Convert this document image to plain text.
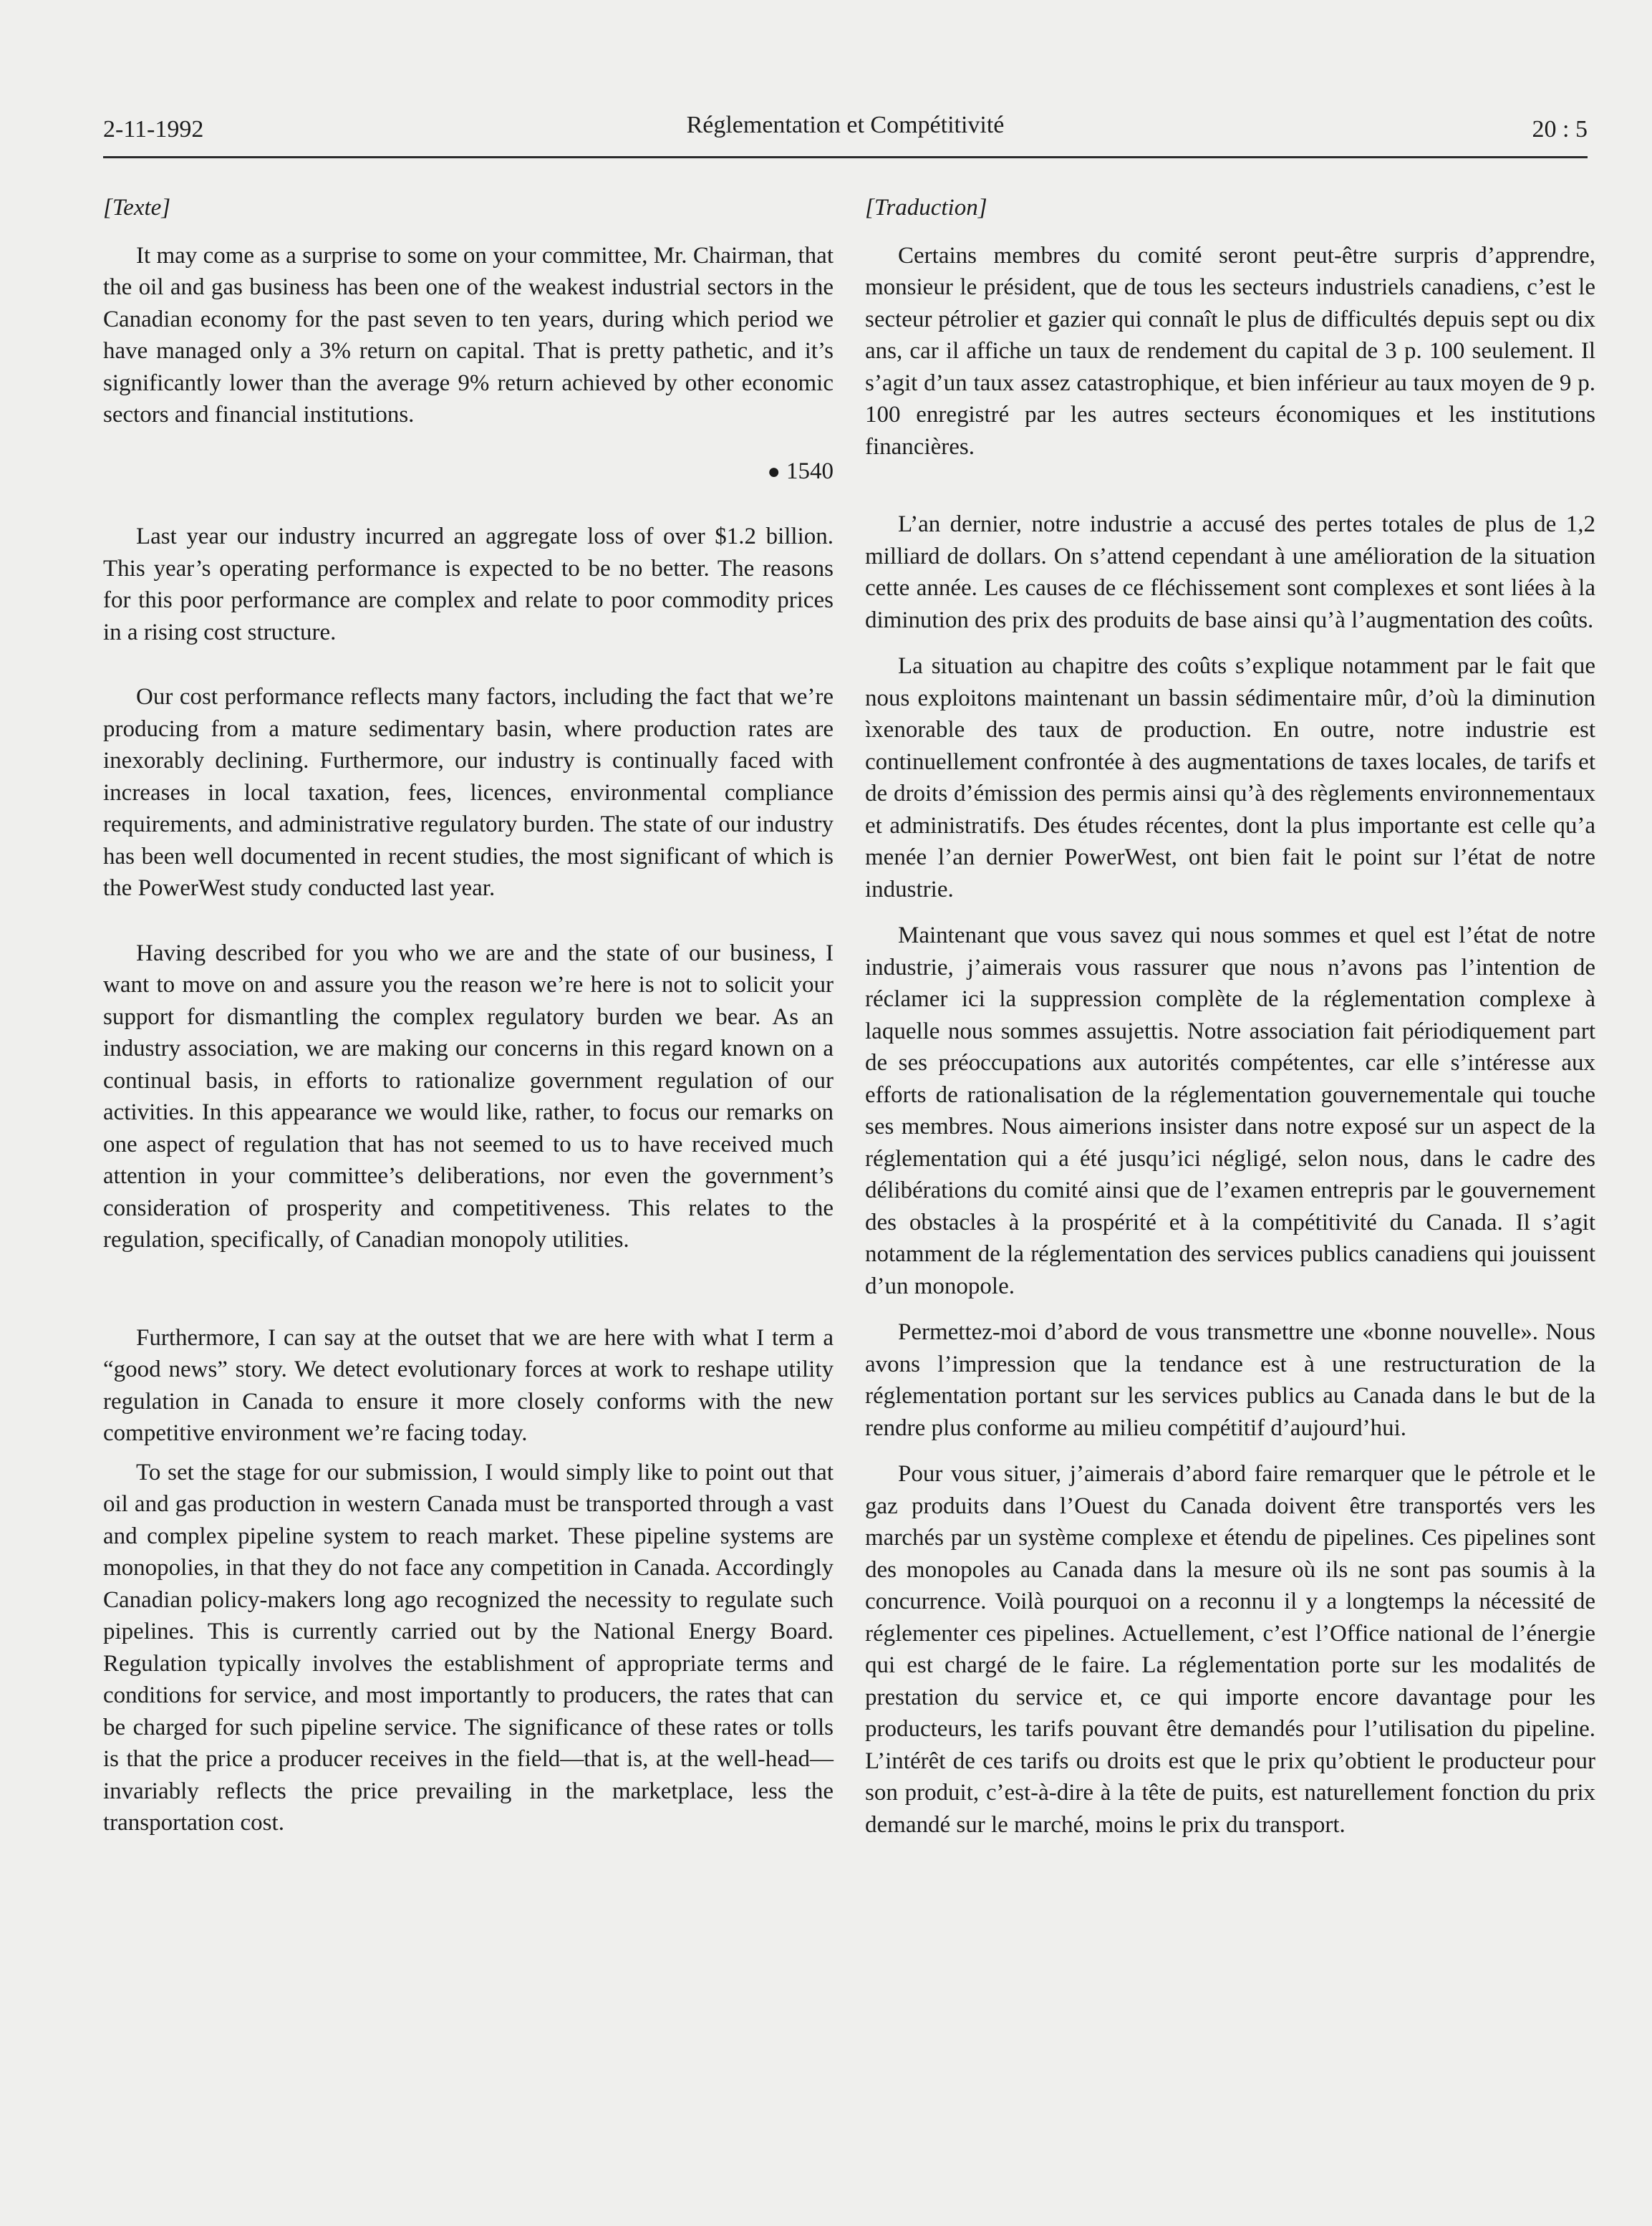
2-11-1992	Réglementation et Compétitivité	20 : 5
[Texte]

It may come as a surprise to some on your committee, Mr. Chairman, that the oil and gas business has been one of the weakest industrial sectors in the Canadian economy for the past seven to ten years, during which period we have managed only a 3% return on capital. That is pretty pathetic, and it’s significantly lower than the average 9% return achieved by other economic sectors and financial institutions.

● 1540

Last year our industry incurred an aggregate loss of over $1.2 billion. This year’s operating performance is expected to be no better. The reasons for this poor performance are complex and relate to poor commodity prices in a rising cost structure.

Our cost performance reflects many factors, including the fact that we’re producing from a mature sedimentary basin, where production rates are inexorably declining. Furthermore, our industry is continually faced with increases in local taxation, fees, licences, environmental compliance requirements, and administrative regulatory burden. The state of our industry has been well documented in recent studies, the most significant of which is the PowerWest study conducted last year.

Having described for you who we are and the state of our business, I want to move on and assure you the reason we’re here is not to solicit your support for dismantling the complex regulatory burden we bear. As an industry association, we are making our concerns in this regard known on a continual basis, in efforts to rationalize government regulation of our activities. In this appearance we would like, rather, to focus our remarks on one aspect of regulation that has not seemed to us to have received much attention in your committee’s deliberations, nor even the government’s consideration of prosperity and competitiveness. This relates to the regulation, specifically, of Canadian monopoly utilities.

Furthermore, I can say at the outset that we are here with what I term a “good news” story. We detect evolutionary forces at work to reshape utility regulation in Canada to ensure it more closely conforms with the new competitive environment we’re facing today.

To set the stage for our submission, I would simply like to point out that oil and gas production in western Canada must be transported through a vast and complex pipeline system to reach market. These pipeline systems are monopolies, in that they do not face any competition in Canada. Accordingly Canadian policy-makers long ago recognized the necessity to regulate such pipelines. This is currently carried out by the National Energy Board. Regulation typically involves the establishment of appropriate terms and conditions for service, and most importantly to producers, the rates that can be charged for such pipeline service. The significance of these rates or tolls is that the price a producer receives in the field—that is, at the well-head—invariably reflects the price prevailing in the marketplace, less the transportation cost.

[Traduction]

Certains membres du comité seront peut-être surpris d’apprendre, monsieur le président, que de tous les secteurs industriels canadiens, c’est le secteur pétrolier et gazier qui connaît le plus de difficultés depuis sept ou dix ans, car il affiche un taux de rendement du capital de 3 p. 100 seulement. Il s’agit d’un taux assez catastrophique, et bien inférieur au taux moyen de 9 p. 100 enregistré par les autres secteurs économiques et les institutions financières.

L’an dernier, notre industrie a accusé des pertes totales de plus de 1,2 milliard de dollars. On s’attend cependant à une amélioration de la situation cette année. Les causes de ce fléchissement sont complexes et sont liées à la diminution des prix des produits de base ainsi qu’à l’augmentation des coûts.

La situation au chapitre des coûts s’explique notamment par le fait que nous exploitons maintenant un bassin sédimentaire mûr, d’où la diminution ìxenorable des taux de production. En outre, notre industrie est continuellement confrontée à des augmentations de taxes locales, de tarifs et de droits d’émission des permis ainsi qu’à des règlements environnementaux et administratifs. Des études récentes, dont la plus importante est celle qu’a menée l’an dernier PowerWest, ont bien fait le point sur l’état de notre industrie.

Maintenant que vous savez qui nous sommes et quel est l’état de notre industrie, j’aimerais vous rassurer que nous n’avons pas l’intention de réclamer ici la suppression complète de la réglementation complexe à laquelle nous sommes assujettis. Notre association fait périodiquement part de ses préoccupations aux autorités compétentes, car elle s’intéresse aux efforts de rationalisation de la réglementation gouvernementale qui touche ses membres. Nous aimerions insister dans notre exposé sur un aspect de la réglementation qui a été jusqu’ici négligé, selon nous, dans le cadre des délibérations du comité ainsi que de l’examen entrepris par le gouvernement des obstacles à la prospérité et à la compétitivité du Canada. Il s’agit notamment de la réglementation des services publics canadiens qui jouissent d’un monopole.

Permettez-moi d’abord de vous transmettre une «bonne nouvelle». Nous avons l’impression que la tendance est à une restructuration de la réglementation portant sur les services publics au Canada dans le but de la rendre plus conforme au milieu compétitif d’aujourd’hui.

Pour vous situer, j’aimerais d’abord faire remarquer que le pétrole et le gaz produits dans l’Ouest du Canada doivent être transportés vers les marchés par un système complexe et étendu de pipelines. Ces pipelines sont des monopoles au Canada dans la mesure où ils ne sont pas soumis à la concurrence. Voilà pourquoi on a reconnu il y a longtemps la nécessité de réglementer ces pipelines. Actuellement, c’est l’Office national de l’énergie qui est chargé de le faire. La réglementation porte sur les modalités de prestation du service et, ce qui importe encore davantage pour les producteurs, les tarifs pouvant être demandés pour l’utilisation du pipeline. L’intérêt de ces tarifs ou droits est que le prix qu’obtient le producteur pour son produit, c’est-à-dire à la tête de puits, est naturellement fonction du prix demandé sur le marché, moins le prix du transport.
